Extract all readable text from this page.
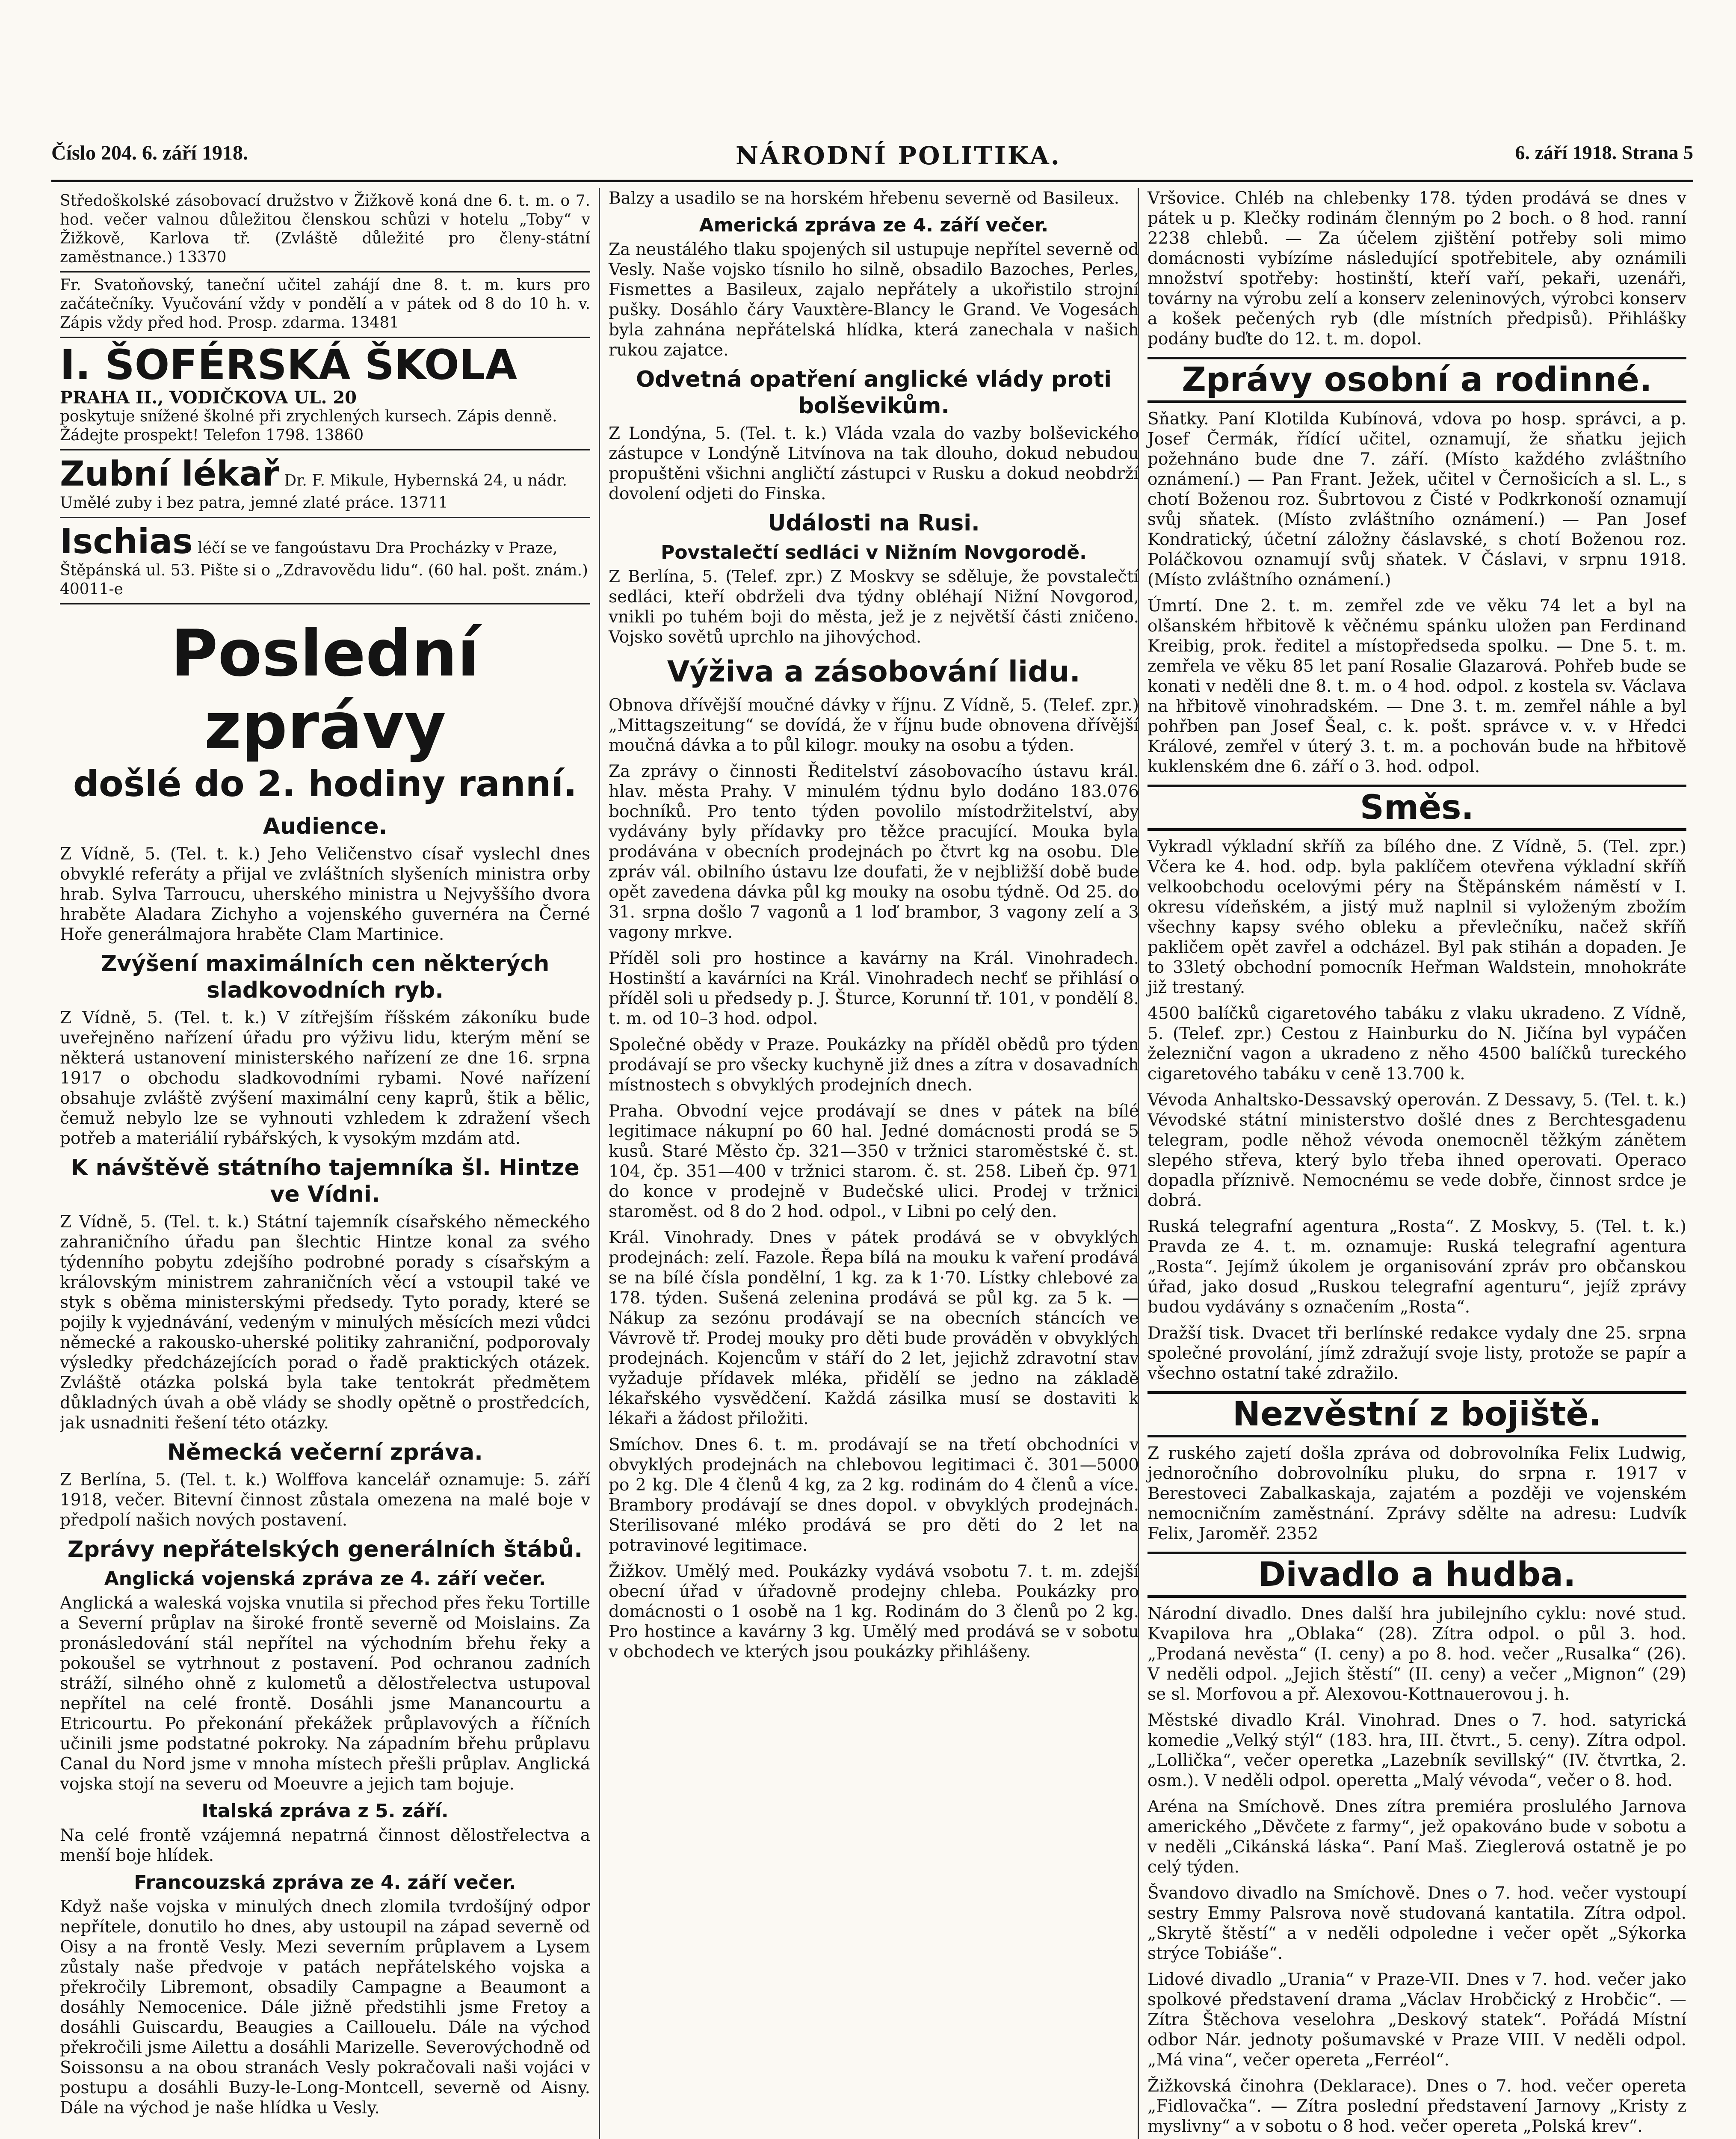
Číslo 204. 6. září 1918.	NÁRODNÍ POLITIKA.	6. září 1918. Strana 5

Středoškolské zásobovací družstvo v Žižkově koná dne 6. t. m. o 7. hod. večer valnou důležitou členskou schůzi v hotelu „Toby“ v Žižkově, Karlova tř. (Zvláště důležité pro členy-státní zaměstnance.) 13370

Fr. Svatoňovský, taneční učitel zahájí dne 8. t. m. kurs pro začátečníky. Vyučování vždy v pondělí a v pátek od 8 do 10 h. v. Zápis vždy před hod. Prosp. zdarma. 13481

I. ŠOFÉRSKÁ ŠKOLA
PRAHA II., VODIČKOVA UL. 20
poskytuje snížené školné při zrychlených kursech. Zápis denně. Žádejte prospekt! Telefon 1798. 13860
Zubní lékař Dr. F. Mikule, Hybernská 24, u nádr. Umělé zuby i bez patra, jemné zlaté práce. 13711
Ischias léčí se ve fangoústavu Dra Procházky v Praze, Štěpánská ul. 53. Pište si o „Zdravovědu lidu“. (60 hal. pošt. znám.) 40011-e
Poslední zprávy
došlé do 2. hodiny ranní.
Audience.

Z Vídně, 5. (Tel. t. k.) Jeho Veličenstvo císař vyslechl dnes obvyklé referáty a přijal ve zvláštních slyšeních ministra orby hrab. Sylva Tarroucu, uherského ministra u Nejvyššího dvora hraběte Aladara Zichyho a vojenského guvernéra na Černé Hoře generálmajora hraběte Clam Martinice.

Zvýšení maximálních cen některých sladkovodních ryb.

Z Vídně, 5. (Tel. t. k.) V zítřejším říšském zákoníku bude uveřejněno nařízení úřadu pro výživu lidu, kterým mění se některá ustanovení ministerského nařízení ze dne 16. srpna 1917 o obchodu sladkovodními rybami. Nové nařízení obsahuje zvláště zvýšení maximální ceny kaprů, štik a bělic, čemuž nebylo lze se vyhnouti vzhledem k zdražení všech potřeb a materiálií rybářských, k vysokým mzdám atd.

K návštěvě státního tajemníka šl. Hintze ve Vídni.

Z Vídně, 5. (Tel. t. k.) Státní tajemník císařského německého zahraničního úřadu pan šlechtic Hintze konal za svého týdenního pobytu zdejšího podrobné porady s císařským a královským ministrem zahraničních věcí a vstoupil také ve styk s oběma ministerskými předsedy. Tyto porady, které se pojily k vyjednávání, vedeným v minulých měsících mezi vůdci německé a rakousko-uherské politiky zahraniční, podporovaly výsledky předcházejících porad o řadě praktických otázek. Zvláště otázka polská byla take tentokrát předmětem důkladných úvah a obě vlády se shodly opětně o prostředcích, jak usnadniti řešení této otázky.

Německá večerní zpráva.

Z Berlína, 5. (Tel. t. k.) Wolffova kancelář oznamuje: 5. září 1918, večer. Bitevní činnost zůstala omezena na malé boje v předpolí našich nových postavení.

Zprávy nepřátelských generálních štábů.
Anglická vojenská zpráva ze 4. září večer.

Anglická a waleská vojska vnutila si přechod přes řeku Tortille a Severní průplav na široké frontě severně od Moislains. Za pronásledování stál nepřítel na východním břehu řeky a pokoušel se vytrhnout z postavení. Pod ochranou zadních stráží, silného ohně z kulometů a dělostřelectva ustupoval nepřítel na celé frontě. Dosáhli jsme Manancourtu a Etricourtu. Po překonání překážek průplavových a říčních učinili jsme podstatné pokroky. Na západním břehu průplavu Canal du Nord jsme v mnoha místech přešli průplav. Anglická vojska stojí na severu od Moeuvre a jejich tam bojuje.

Italská zpráva z 5. září.

Na celé frontě vzájemná nepatrná činnost dělostřelectva a menší boje hlídek.

Francouzská zpráva ze 4. září večer.

Když naše vojska v minulých dnech zlomila tvrdošíjný odpor nepřítele, donutilo ho dnes, aby ustoupil na západ severně od Oisy a na frontě Vesly. Mezi severním průplavem a Lysem zůstaly naše předvoje v patách nepřátelského vojska a překročily Libremont, obsadily Campagne a Beaumont a dosáhly Nemocenice. Dále jižně předstihli jsme Fretoy a dosáhli Guiscardu, Beaugies a Caillouelu. Dále na východ překročili jsme Ailettu a dosáhli Marizelle. Severovýchodně od Soissonsu a na obou stranách Vesly pokračovali naši vojáci v postupu a dosáhli Buzy-le-Long-Montcell, severně od Aisny. Dále na východ je naše hlídka u Vesly.

Balzy a usadilo se na horském hřebenu severně od Basileux.

Americká zpráva ze 4. září večer.

Za neustálého tlaku spojených sil ustupuje nepřítel severně od Vesly. Naše vojsko tísnilo ho silně, obsadilo Bazoches, Perles, Fismettes a Basileux, zajalo nepřátely a ukořistilo strojní pušky. Dosáhlo čáry Vauxtère-Blancy le Grand. Ve Vogesách byla zahnána nepřátelská hlídka, která zanechala v našich rukou zajatce.

Odvetná opatření anglické vlády proti bolševikům.

Z Londýna, 5. (Tel. t. k.) Vláda vzala do vazby bolševického zástupce v Londýně Litvínova na tak dlouho, dokud nebudou propuštěni všichni angličtí zástupci v Rusku a dokud neobdrží dovolení odjeti do Finska.

Události na Rusi.
Povstalečtí sedláci v Nižním Novgorodě.

Z Berlína, 5. (Telef. zpr.) Z Moskvy se sděluje, že povstalečtí sedláci, kteří obdrželi dva týdny obléhají Nižní Novgorod, vnikli po tuhém boji do města, jež je z největší části zničeno. Vojsko sovětů uprchlo na jihovýchod.

Výživa a zásobování lidu.

Obnova dřívější moučné dávky v říjnu. Z Vídně, 5. (Telef. zpr.) „Mittagszeitung“ se dovídá, že v říjnu bude obnovena dřívější moučná dávka a to půl kilogr. mouky na osobu a týden.

Za zprávy o činnosti Ředitelství zásobovacího ústavu král. hlav. města Prahy. V minulém týdnu bylo dodáno 183.076 bochníků. Pro tento týden povolilo místodržitelství, aby vydávány byly přídavky pro těžce pracující. Mouka byla prodávána v obecních prodejnách po čtvrt kg na osobu. Dle zpráv vál. obilního ústavu lze doufati, že v nejbližší době bude opět zavedena dávka půl kg mouky na osobu týdně. Od 25. do 31. srpna došlo 7 vagonů a 1 loď brambor, 3 vagony zelí a 3 vagony mrkve.

Příděl soli pro hostince a kavárny na Král. Vinohradech. Hostinští a kavárníci na Král. Vinohradech nechť se přihlásí o příděl soli u předsedy p. J. Šturce, Korunní tř. 101, v pondělí 8. t. m. od 10–3 hod. odpol.

Společné obědy v Praze. Poukázky na příděl obědů pro týden prodávají se pro všecky kuchyně již dnes a zítra v dosavadních místnostech s obvyklých prodejních dnech.

Praha. Obvodní vejce prodávají se dnes v pátek na bílé legitimace nákupní po 60 hal. Jedné domácnosti prodá se 5 kusů. Staré Město čp. 321—350 v tržnici staroměstské č. st. 104, čp. 351—400 v tržnici starom. č. st. 258. Libeň čp. 971 do konce v prodejně v Budečské ulici. Prodej v tržnici staroměst. od 8 do 2 hod. odpol., v Libni po celý den.

Král. Vinohrady. Dnes v pátek prodává se v obvyklých prodejnách: zelí. Fazole. Řepa bílá na mouku k vaření prodává se na bílé čísla pondělní, 1 kg. za k 1·70. Lístky chlebové za 178. týden. Sušená zelenina prodává se půl kg. za 5 k. — Nákup za sezónu prodávají se na obecních stáncích ve Vávrově tř. Prodej mouky pro děti bude prováděn v obvyklých prodejnách. Kojencům v stáří do 2 let, jejichž zdravotní stav vyžaduje přídavek mléka, přidělí se jedno na základě lékařského vysvědčení. Každá zásilka musí se dostaviti k lékaři a žádost přiložiti.

Smíchov. Dnes 6. t. m. prodávají se na třetí obchodníci v obvyklých prodejnách na chlebovou legitimaci č. 301—5000 po 2 kg. Dle 4 členů 4 kg, za 2 kg. rodinám do 4 členů a více. Brambory prodávají se dnes dopol. v obvyklých prodejnách. Sterilisované mléko prodává se pro děti do 2 let na potravinové legitimace.

Žižkov. Umělý med. Poukázky vydává vsobotu 7. t. m. zdejší obecní úřad v úřadovně prodejny chleba. Poukázky pro domácnosti o 1 osobě na 1 kg. Rodinám do 3 členů po 2 kg. Pro hostince a kavárny 3 kg. Umělý med prodává se v sobotu v obchodech ve kterých jsou poukázky přihlášeny.

Vršovice. Chléb na chlebenky 178. týden prodává se dnes v pátek u p. Klečky rodinám členným po 2 boch. o 8 hod. ranní 2238 chlebů. — Za účelem zjištění potřeby soli mimo domácnosti vybízíme následující spotřebitele, aby oznámili množství spotřeby: hostinští, kteří vaří, pekaři, uzenáři, továrny na výrobu zelí a konserv zeleninových, výrobci konserv a košek pečených ryb (dle místních předpisů). Přihlášky podány buďte do 12. t. m. dopol.

Zprávy osobní a rodinné.

Sňatky. Paní Klotilda Kubínová, vdova po hosp. správci, a p. Josef Čermák, řídící učitel, oznamují, že sňatku jejich požehnáno bude dne 7. září. (Místo každého zvláštního oznámení.) — Pan Frant. Ježek, učitel v Černošicích a sl. L., s chotí Boženou roz. Šubrtovou z Čisté v Podkrkonoší oznamují svůj sňatek. (Místo zvláštního oznámení.) — Pan Josef Kondratický, účetní záložny čáslavské, s chotí Boženou roz. Poláčkovou oznamují svůj sňatek. V Čáslavi, v srpnu 1918. (Místo zvláštního oznámení.)

Úmrtí. Dne 2. t. m. zemřel zde ve věku 74 let a byl na olšanském hřbitově k věčnému spánku uložen pan Ferdinand Kreibig, prok. ředitel a místopředseda spolku. — Dne 5. t. m. zemřela ve věku 85 let paní Rosalie Glazarová. Pohřeb bude se konati v neděli dne 8. t. m. o 4 hod. odpol. z kostela sv. Václava na hřbitově vinohradském. — Dne 3. t. m. zemřel náhle a byl pohřben pan Josef Šeal, c. k. pošt. správce v. v. v Hředci Králové, zemřel v úterý 3. t. m. a pochován bude na hřbitově kuklenském dne 6. září o 3. hod. odpol.

Směs.

Vykradl výkladní skříň za bílého dne. Z Vídně, 5. (Tel. zpr.) Včera ke 4. hod. odp. byla paklíčem otevřena výkladní skříň velkoobchodu ocelovými péry na Štěpánském náměstí v I. okresu vídeňském, a jistý muž naplnil si vyloženým zbožím všechny kapsy svého obleku a převlečníku, načež skříň pakličem opět zavřel a odcházel. Byl pak stihán a dopaden. Je to 33letý obchodní pomocník Heřman Waldstein, mnohokráte již trestaný.

4500 balíčků cigaretového tabáku z vlaku ukradeno. Z Vídně, 5. (Telef. zpr.) Cestou z Hainburku do N. Jičína byl vypáčen železniční vagon a ukradeno z něho 4500 balíčků tureckého cigaretového tabáku v ceně 13.700 k.

Vévoda Anhaltsko-Dessavský operován. Z Dessavy, 5. (Tel. t. k.) Vévodské státní ministerstvo došlé dnes z Berchtesgadenu telegram, podle něhož vévoda onemocněl těžkým zánětem slepého střeva, který bylo třeba ihned operovati. Operaco dopadla příznivě. Nemocnému se vede dobře, činnost srdce je dobrá.

Ruská telegrafní agentura „Rosta“. Z Moskvy, 5. (Tel. t. k.) Pravda ze 4. t. m. oznamuje: Ruská telegrafní agentura „Rosta“. Jejímž úkolem je organisování zpráv pro občanskou úřad, jako dosud „Ruskou telegrafní agenturu“, jejíž zprávy budou vydávány s označením „Rosta“.

Dražší tisk. Dvacet tři berlínské redakce vydaly dne 25. srpna společné provolání, jímž zdražují svoje listy, protože se papír a všechno ostatní také zdražilo.

Nezvěstní z bojiště.

Z ruského zajetí došla zpráva od dobrovolníka Felix Ludwig, jednoročního dobrovolníku pluku, do srpna r. 1917 v Berestoveci Zabalkaskaja, zajatém a později ve vojenském nemocničním zaměstnání. Zprávy sdělte na adresu: Ludvík Felix, Jaroměř. 2352

Divadlo a hudba.

Národní divadlo. Dnes další hra jubilejního cyklu: nové stud. Kvapilova hra „Oblaka“ (28). Zítra odpol. o půl 3. hod. „Prodaná nevěsta“ (I. ceny) a po 8. hod. večer „Rusalka“ (26). V neděli odpol. „Jejich štěstí“ (II. ceny) a večer „Mignon“ (29) se sl. Morfovou a př. Alexovou-Kottnauerovou j. h.

Městské divadlo Král. Vinohrad. Dnes o 7. hod. satyrická komedie „Velký stýl“ (183. hra, III. čtvrt., 5. ceny). Zítra odpol. „Lollička“, večer operetka „Lazebník sevillský“ (IV. čtvrtka, 2. osm.). V neděli odpol. operetta „Malý vévoda“, večer o 8. hod.

Aréna na Smíchově. Dnes zítra premiéra proslulého Jarnova amerického „Děvčete z farmy“, jež opakováno bude v sobotu a v neděli „Cikánská láska“. Paní Maš. Zieglerová ostatně je po celý týden.

Švandovo divadlo na Smíchově. Dnes o 7. hod. večer vystoupí sestry Emmy Palsrova nově studovaná kantatila. Zítra odpol. „Skrytě štěstí“ a v neděli odpoledne i večer opět „Sýkorka strýce Tobiáše“.

Lidové divadlo „Urania“ v Praze-VII. Dnes v 7. hod. večer jako spolkové představení drama „Václav Hrobčický z Hrobčic“. — Zítra Štěchova veselohra „Deskový statek“. Pořádá Místní odbor Nár. jednoty pošumavské v Praze VIII. V neděli odpol. „Má vina“, večer opereta „Ferréol“.

Žižkovská činohra (Deklarace). Dnes o 7. hod. večer opereta „Fidlovačka“. — Zítra poslední představení Jarnovy „Kristy z myslivny“ a v sobotu o 8 hod. večer opereta „Polská krev“.
